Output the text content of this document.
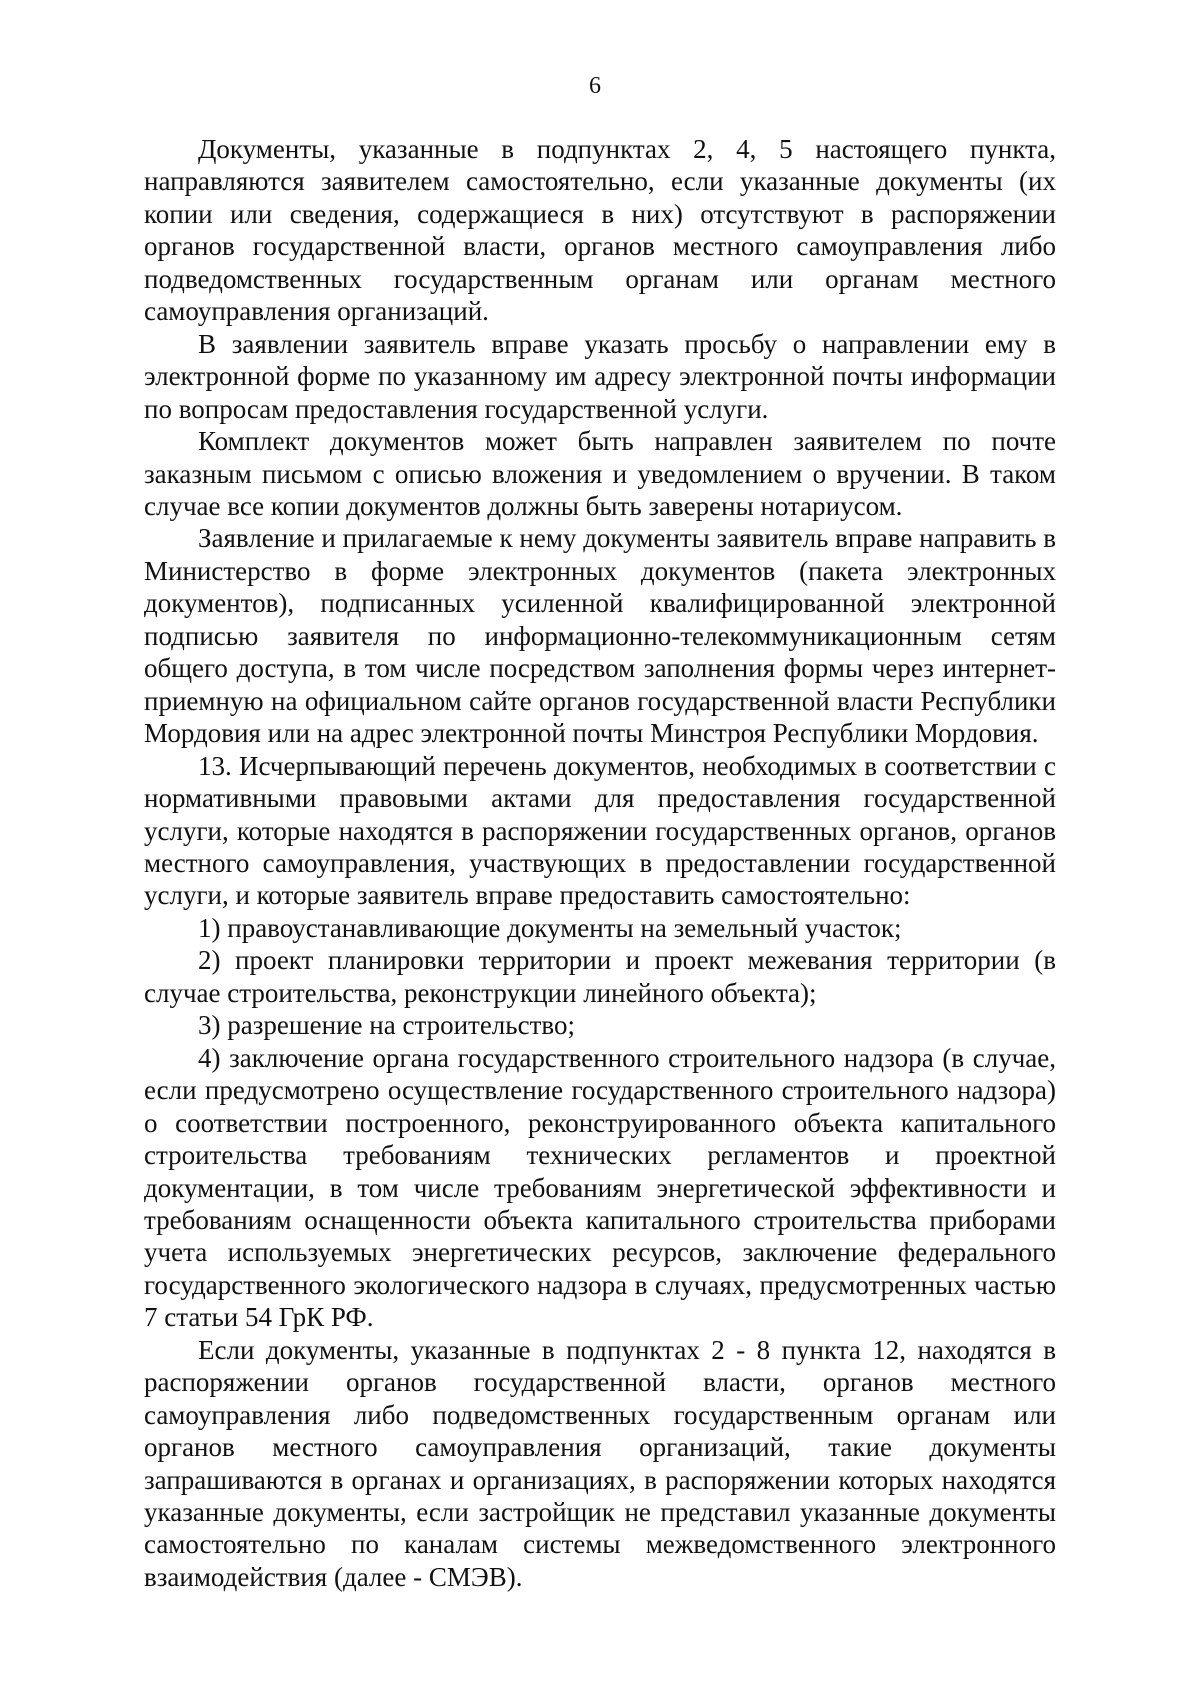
6

Документы, указанные в подпунктах 2, 4, 5 настоящего пункта, направляются заявителем самостоятельно, если указанные документы (их копии или сведения, содержащиеся в них) отсутствуют в распоряжении органов государственной власти, органов местного самоуправления либо подведомственных государственным органам или органам местного самоуправления организаций.

В заявлении заявитель вправе указать просьбу о направлении ему в электронной форме по указанному им адресу электронной почты информации по вопросам предоставления государственной услуги.

Комплект документов может быть направлен заявителем по почте заказным письмом с описью вложения и уведомлением о вручении. В таком случае все копии документов должны быть заверены нотариусом.

Заявление и прилагаемые к нему документы заявитель вправе направить в Министерство в форме электронных документов (пакета электронных документов), подписанных усиленной квалифицированной электронной подписью заявителя по информационно-телекоммуникационным сетям общего доступа, в том числе посредством заполнения формы через интернет-приемную на официальном сайте органов государственной власти Республики Мордовия или на адрес электронной почты Минстроя Республики Мордовия.

13. Исчерпывающий перечень документов, необходимых в соответствии с нормативными правовыми актами для предоставления государственной услуги, которые находятся в распоряжении государственных органов, органов местного самоуправления, участвующих в предоставлении государственной услуги, и которые заявитель вправе предоставить самостоятельно:

1) правоустанавливающие документы на земельный участок;

2) проект планировки территории и проект межевания территории (в случае строительства, реконструкции линейного объекта);

3) разрешение на строительство;

4) заключение органа государственного строительного надзора (в случае, если предусмотрено осуществление государственного строительного надзора) о соответствии построенного, реконструированного объекта капитального строительства требованиям технических регламентов и проектной документации, в том числе требованиям энергетической эффективности и требованиям оснащенности объекта капитального строительства приборами учета используемых энергетических ресурсов, заключение федерального государственного экологического надзора в случаях, предусмотренных частью 7 статьи 54 ГрК РФ.

Если документы, указанные в подпунктах 2 - 8 пункта 12, находятся в распоряжении органов государственной власти, органов местного самоуправления либо подведомственных государственным органам или органов местного самоуправления организаций, такие документы запрашиваются в органах и организациях, в распоряжении которых находятся указанные документы, если застройщик не представил указанные документы самостоятельно по каналам системы межведомственного электронного взаимодействия (далее - СМЭВ).
